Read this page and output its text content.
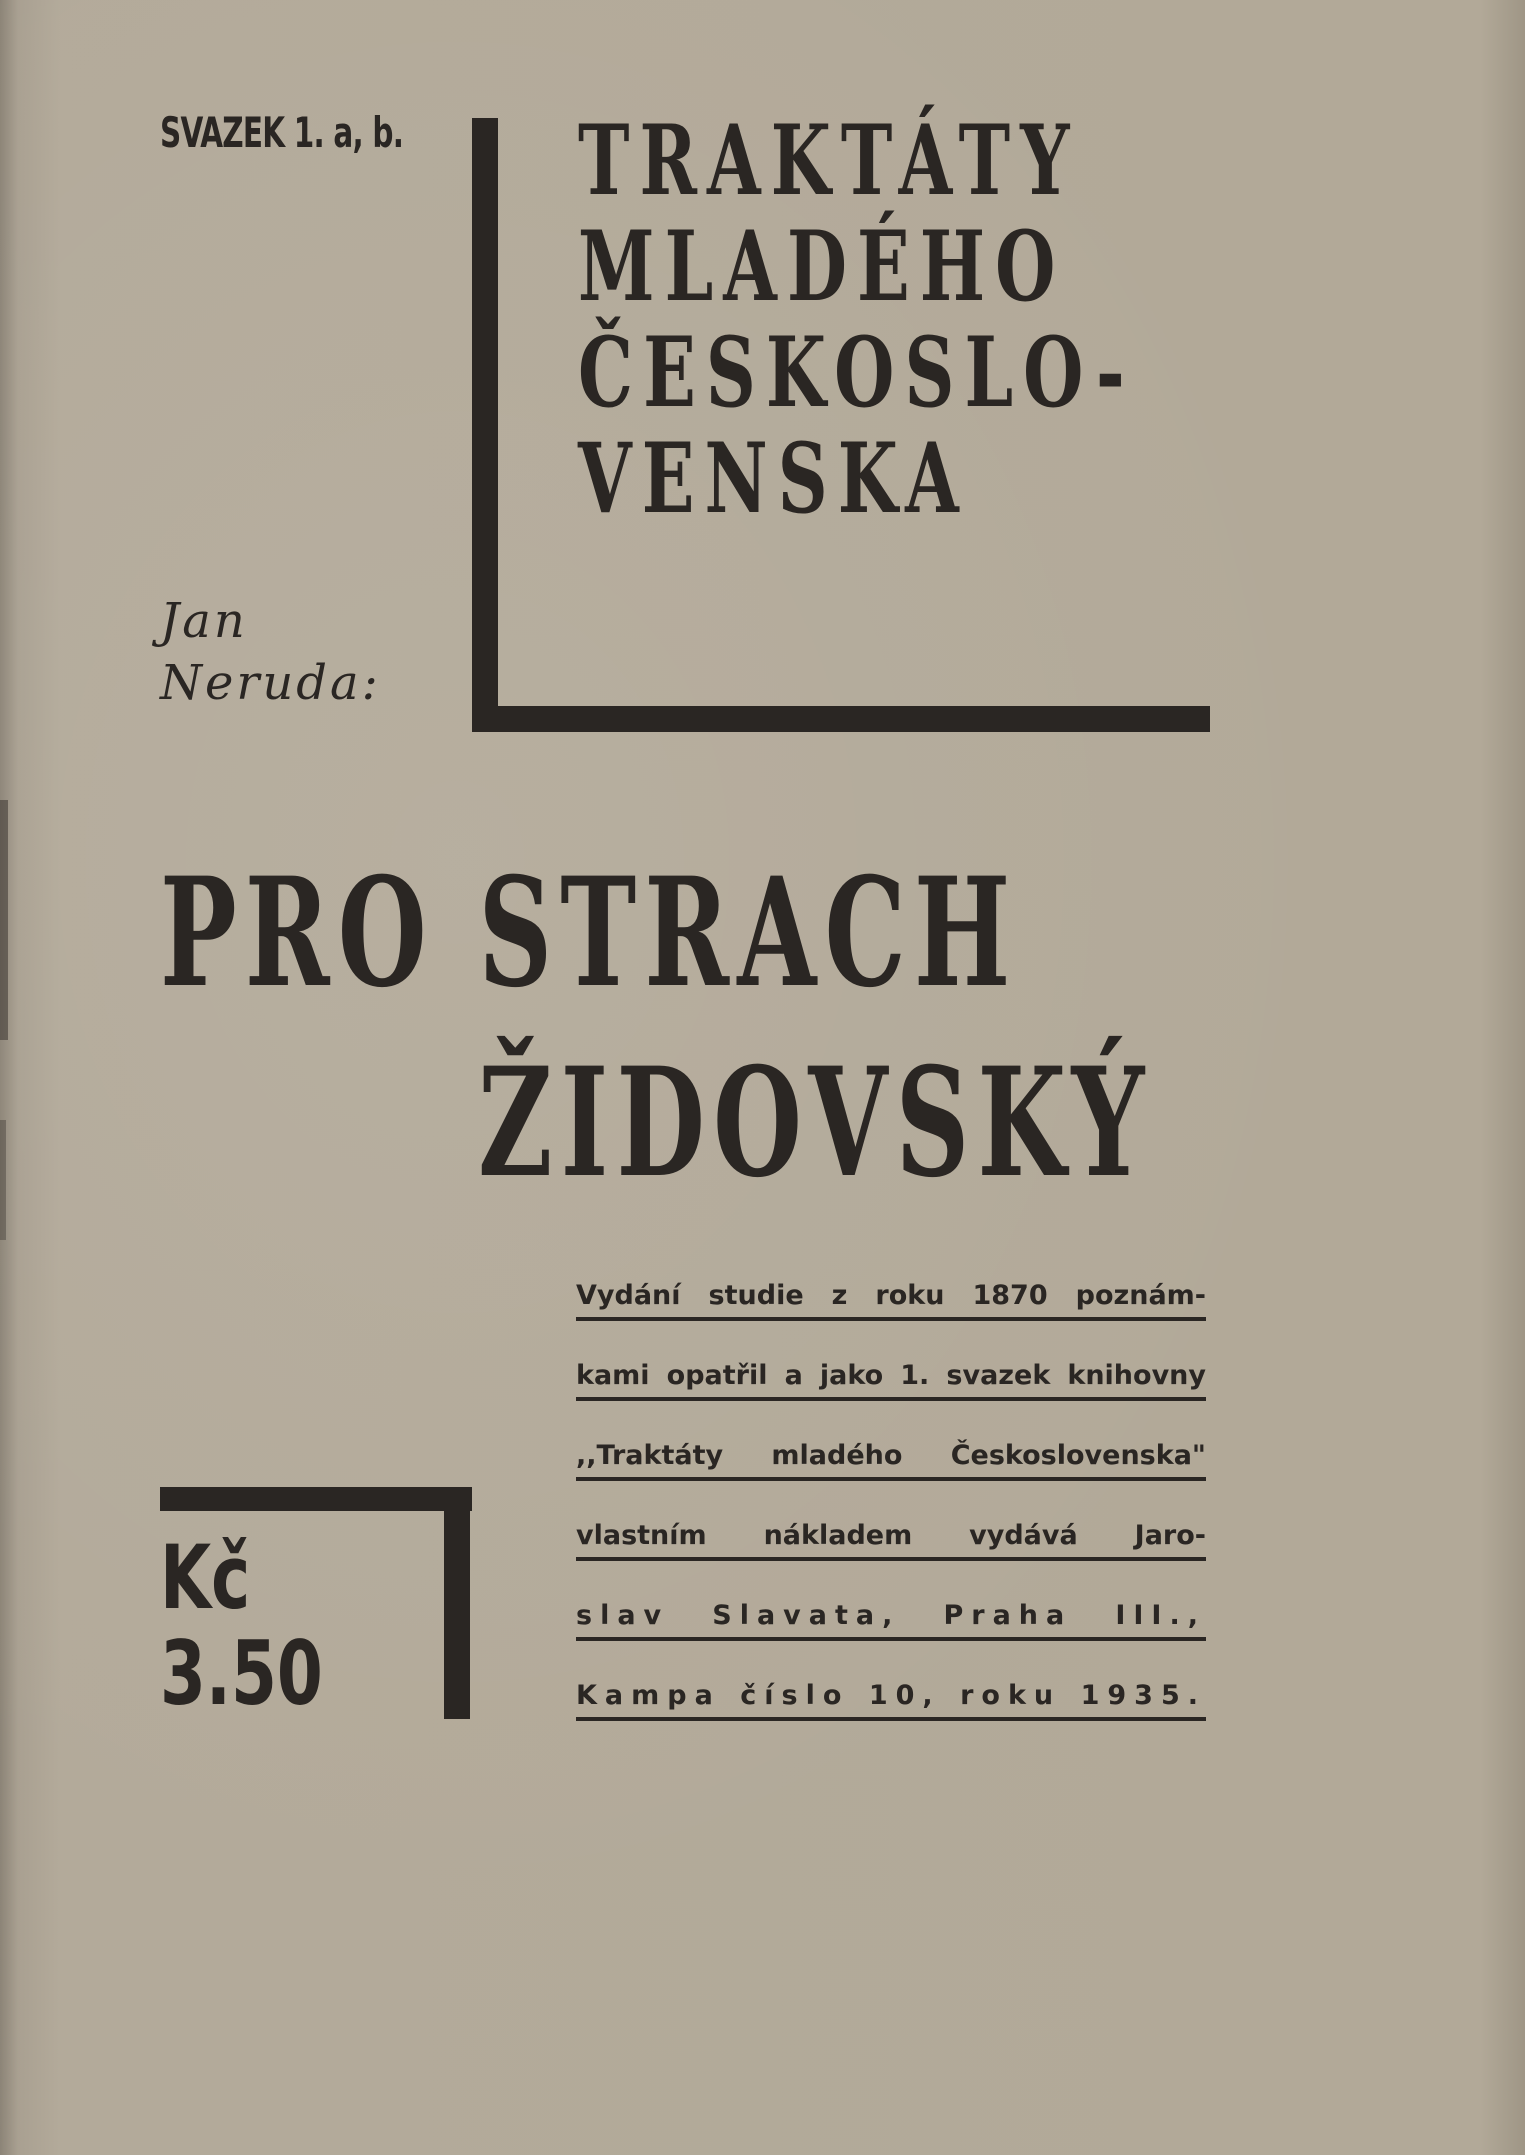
SVAZEK 1. a, b. TRAKTÁTY
MLADÉHO
ČESKOSLO-
VENSKA
Jan
Neruda:
PRO STRACH
ŽIDOVSKÝ
Vydání studie z roku 1870 poznám-
kami opatřil a jako 1. svazek knihovny
,,Traktáty mladého Československa"
vlastním nákladem vydává Jaro-
slav Slavata, Praha III.,
Kampa číslo 10, roku 1935.
Kč
3.50
